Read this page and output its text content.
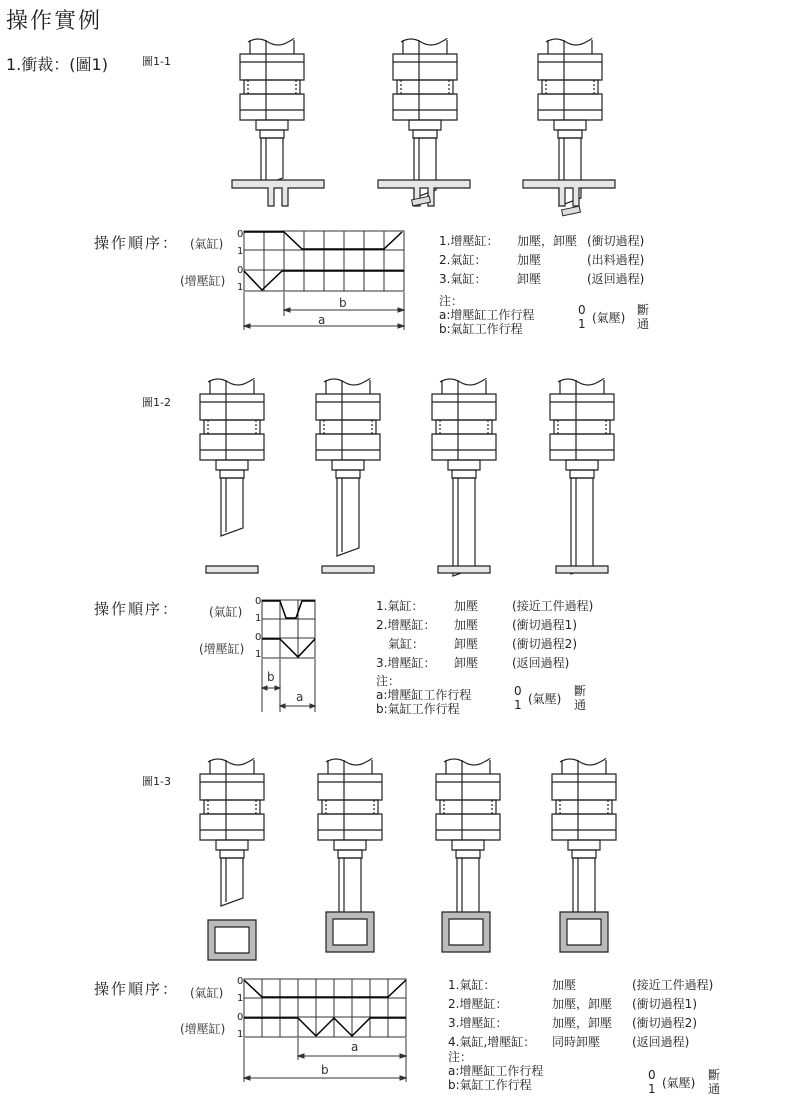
操作實例
1.衝裁：(圖1)	圖1-1
圖1-2
圖1-3
操作順序： (氣缸)
(增壓缸)
0
1
0
1
b
a
1.增壓缸： 加壓，卸壓 (衝切過程)
2.氣缸：	加壓	(出料過程)
3.氣缸：	卸壓	(返回過程)
注：
a:增壓缸工作行程
b:氣缸工作行程
0
1 (氣壓)
斷
通
操作順序： (氣缸)
(增壓缸)
0
1
0
1
b
a
1.氣缸：	加壓	(接近工件過程)
2.增壓缸： 加壓	(衝切過程1)
　氣缸： 卸壓	(衝切過程2)
3.增壓缸： 卸壓	(返回過程)
注：
a:增壓缸工作行程
b:氣缸工作行程
0
1 (氣壓)
斷
通
操作順序： (氣缸)
(增壓缸)
0
1
0
1
a
b
1.氣缸：	加壓	(接近工件過程)
2.增壓缸：	加壓，卸壓 (衝切過程1)
3.增壓缸：	加壓，卸壓 (衝切過程2)
4.氣缸,增壓缸： 同時卸壓	(返回過程)
注：
a:增壓缸工作行程
b:氣缸工作行程
0
1 (氣壓)
斷
通
